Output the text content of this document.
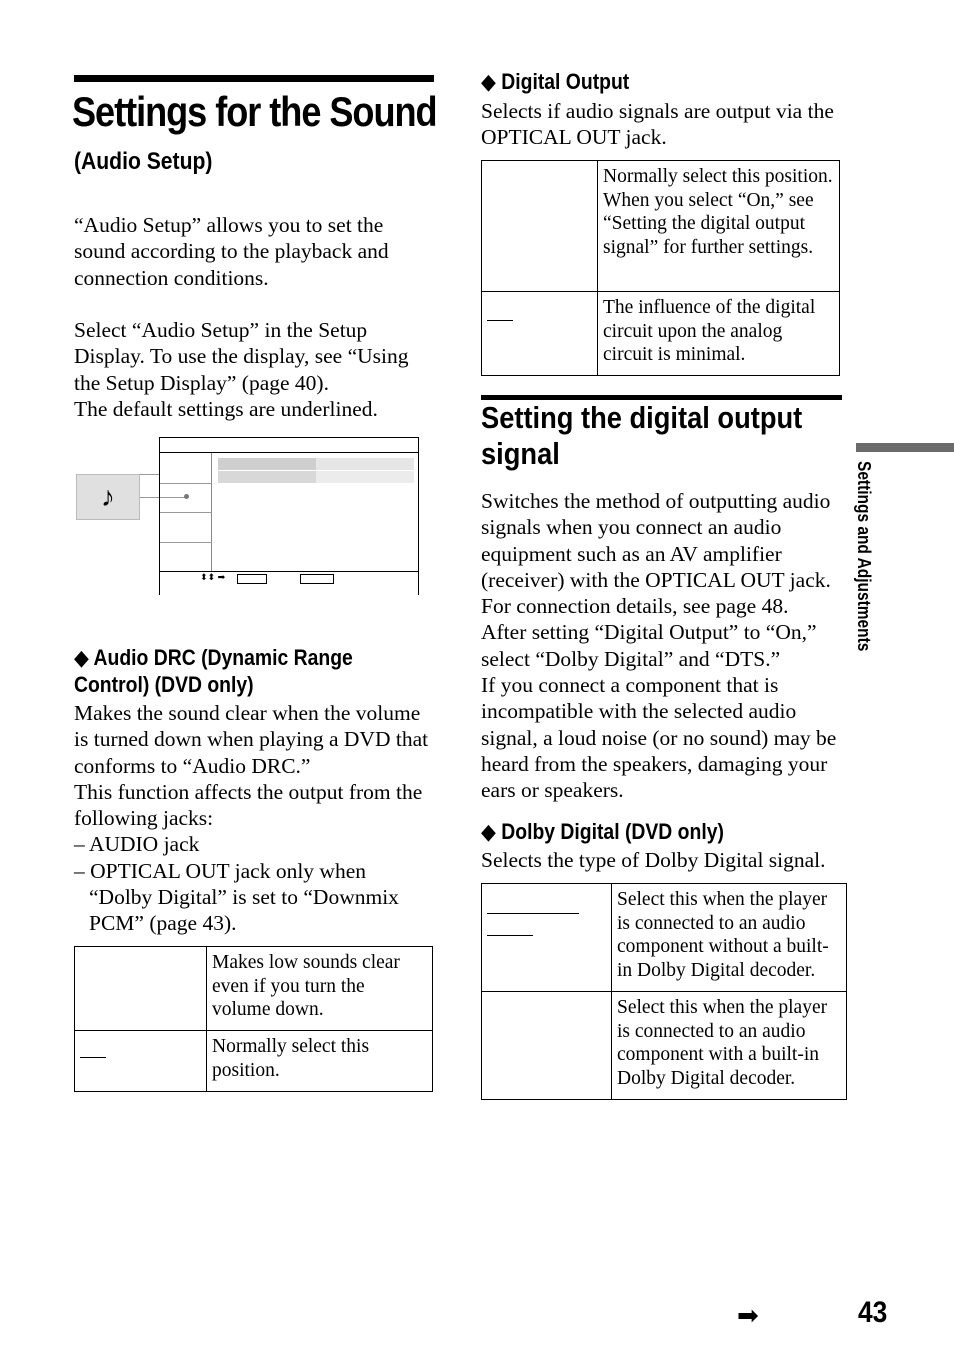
Settings for the Sound
(Audio Setup)
“Audio Setup” allows you to set the
sound according to the playback and
connection conditions.
Select “Audio Setup” in the Setup
Display. To use the display, see “Using
the Setup Display” (page 40).
The default settings are underlined.
♪
⬍⬍ ➡
◆ Audio DRC (Dynamic Range
Control) (DVD only)
Makes the sound clear when the volume
is turned down when playing a DVD that
conforms to “Audio DRC.”
This function affects the output from the
following jacks:
– AUDIO jack
– OPTICAL OUT jack only when
“Dolby Digital” is set to “Downmix
PCM” (page 43).
	Makes low sounds clear even if you turn the volume down.

	Normally select this position.
◆ Digital Output
Selects if audio signals are output via the
OPTICAL OUT jack.
	Normally select this position. When you select “On,” see “Setting the digital output signal” for further settings.

	The influence of the digital circuit upon the analog circuit is minimal.
Setting the digital output
signal
Switches the method of outputting audio
signals when you connect an audio
equipment such as an AV amplifier
(receiver) with the OPTICAL OUT jack.
For connection details, see page 48.
After setting “Digital Output” to “On,”
select “Dolby Digital” and “DTS.”
If you connect a component that is
incompatible with the selected audio
signal, a loud noise (or no sound) may be
heard from the speakers, damaging your
ears or speakers.
◆ Dolby Digital (DVD only)
Selects the type of Dolby Digital signal.
	Select this when the player is connected to an audio component without a built-in Dolby Digital decoder.
	Select this when the player is connected to an audio component with a built-in Dolby Digital decoder.
Settings and Adjustments
➡	43
